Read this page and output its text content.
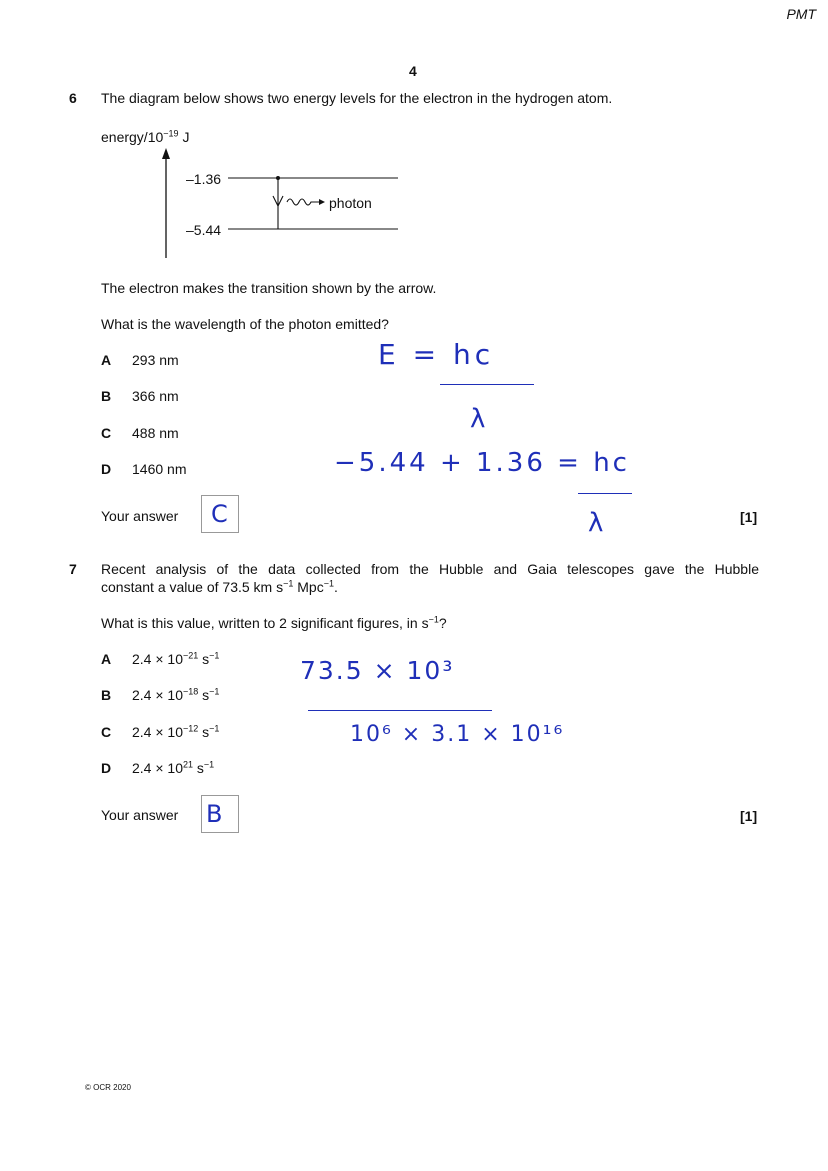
PMT
4
6 The diagram below shows two energy levels for the electron in the hydrogen atom.
energy/$10^{-19}$ J
–1.36
–5.44
photon
The electron makes the transition shown by the arrow.
What is the wavelength of the photon emitted?
A 293 nm
B 366 nm
C 488 nm
D 1460 nm
Your answer C	[1]
E = hc
λ
−5.44 + 1.36 = hc
λ
7 Recent analysis of the data collected from the Hubble and Gaia telescopes gave the Hubble
constant a value of 73.5 km $s^{-1}$ Mpc$^{-1}$.
What is this value, written to 2 significant figures, in $s^{-1}$?
A $2.4 \times 10^{-21}$ $s^{-1}$
B $2.4 \times 10^{-18}$ $s^{-1}$
C $2.4 \times 10^{-12}$ $s^{-1}$
D $2.4 \times 10^{21}$ $s^{-1}$
Your answer B	[1]
73.5 × 10³
10⁶ × 3.1 × 10¹⁶
© OCR 2020
